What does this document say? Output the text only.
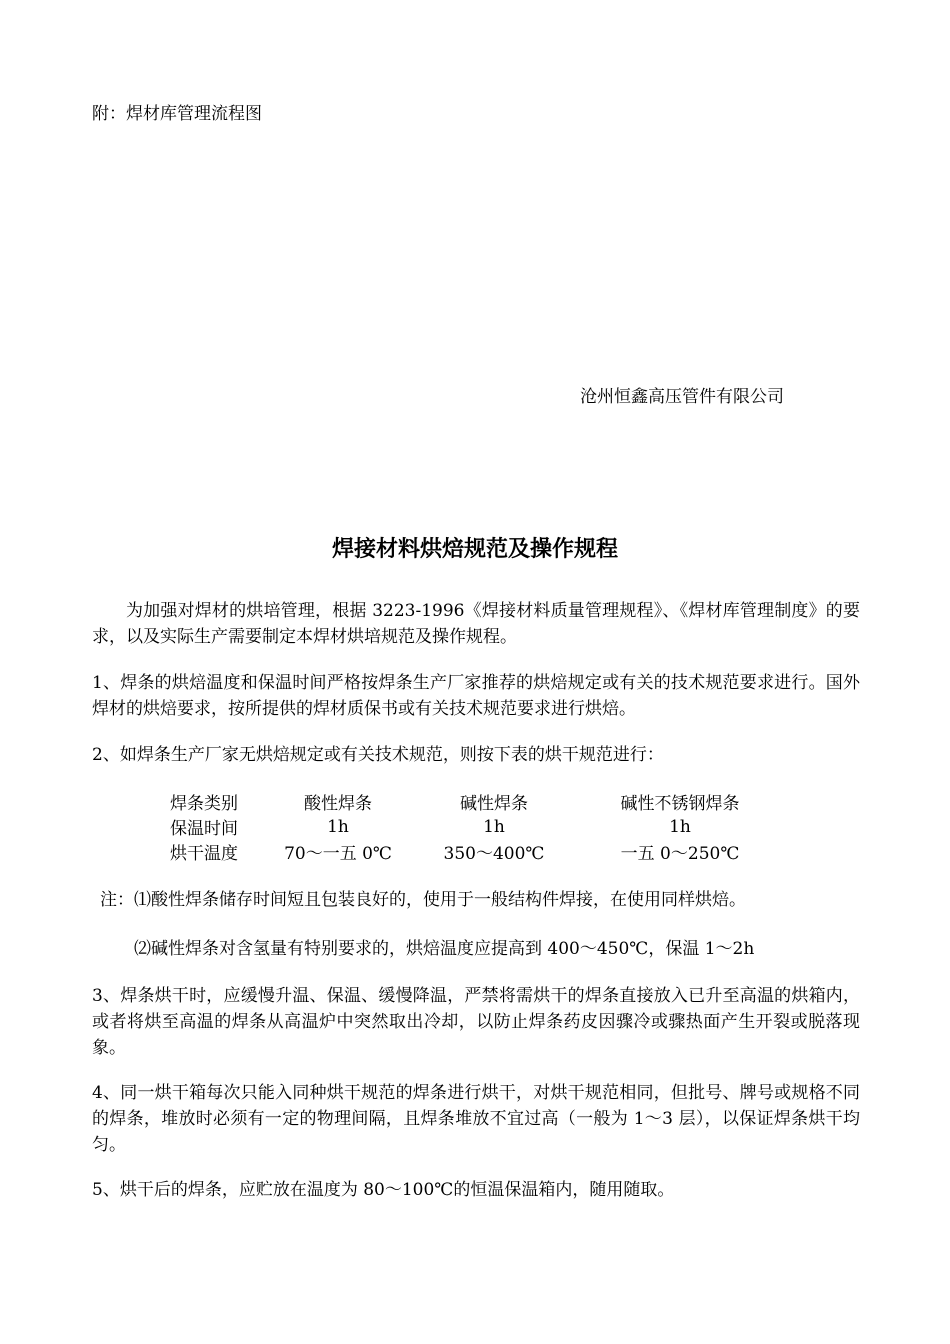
附：焊材库管理流程图
沧州恒鑫高压管件有限公司
焊接材料烘焙规范及操作规程
为加强对焊材的烘培管理，根据 3223-1996《焊接材料质量管理规程》、《焊材库管理制度》的要求，以及实际生产需要制定本焊材烘培规范及操作规程。
1、焊条的烘焙温度和保温时间严格按焊条生产厂家推荐的烘焙规定或有关的技术规范要求进行。国外焊材的烘焙要求，按所提供的焊材质保书或有关技术规范要求进行烘焙。
2、如焊条生产厂家无烘焙规定或有关技术规范，则按下表的烘干规范进行：
焊条类别	酸性焊条	碱性焊条	碱性不锈钢焊条
保温时间	1h	1h	1h
烘干温度	70～一五 0℃	350～400℃	一五 0～250℃
注：⑴酸性焊条储存时间短且包装良好的，使用于一般结构件焊接，在使用同样烘焙。
⑵碱性焊条对含氢量有特别要求的，烘焙温度应提高到 400～450℃，保温 1～2h
3、焊条烘干时，应缓慢升温、保温、缓慢降温，严禁将需烘干的焊条直接放入已升至高温的烘箱内，或者将烘至高温的焊条从高温炉中突然取出冷却，以防止焊条药皮因骤冷或骤热面产生开裂或脱落现象。
4、同一烘干箱每次只能入同种烘干规范的焊条进行烘干，对烘干规范相同，但批号、牌号或规格不同的焊条，堆放时必须有一定的物理间隔，且焊条堆放不宜过高（一般为 1～3 层），以保证焊条烘干均匀。
5、烘干后的焊条，应贮放在温度为 80～100℃的恒温保温箱内，随用随取。
